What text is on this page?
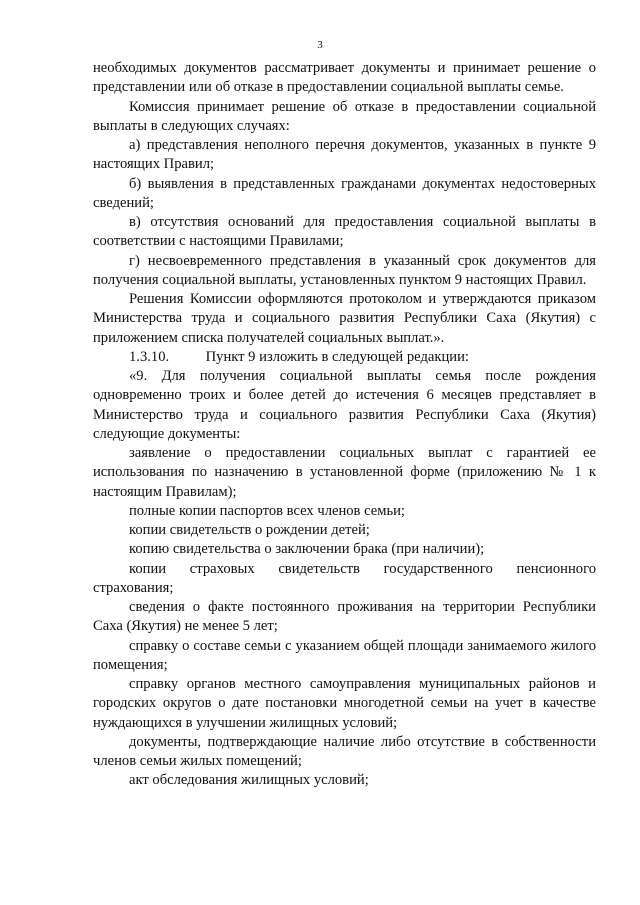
3

необходимых документов рассматривает документы и принимает решение о представлении или об отказе в предоставлении социальной выплаты семье.

Комиссия принимает решение об отказе в предоставлении социальной выплаты в следующих случаях:

а) представления неполного перечня документов, указанных в пункте 9 настоящих Правил;

б) выявления в представленных гражданами документах недостоверных сведений;

в) отсутствия оснований для предоставления социальной выплаты в соответствии с настоящими Правилами;

г) несвоевременного представления в указанный срок документов для получения социальной выплаты, установленных пунктом 9 настоящих Правил.

Решения Комиссии оформляются протоколом и утверждаются приказом Министерства труда и социального развития Республики Саха (Якутия) с приложением списка получателей социальных выплат.».

1.3.10.          Пункт 9 изложить в следующей редакции:

«9. Для получения социальной выплаты семья после рождения одновременно троих и более детей до истечения 6 месяцев представляет в Министерство труда и социального развития Республики Саха (Якутия) следующие документы:

заявление о предоставлении социальных выплат с гарантией ее использования по назначению в установленной форме (приложению № 1 к настоящим Правилам);

полные копии паспортов всех членов семьи;

копии свидетельств о рождении детей;

копию свидетельства о заключении брака (при наличии);

копии страховых свидетельств государственного пенсионного страхования;

сведения о факте постоянного проживания на территории Республики Саха (Якутия) не менее 5 лет;

справку о составе семьи с указанием общей площади занимаемого жилого помещения;

справку органов местного самоуправления муниципальных районов и городских округов о дате постановки многодетной семьи на учет в качестве нуждающихся в улучшении жилищных условий;

документы, подтверждающие наличие либо отсутствие в собственности членов семьи жилых помещений;

акт обследования жилищных условий;
